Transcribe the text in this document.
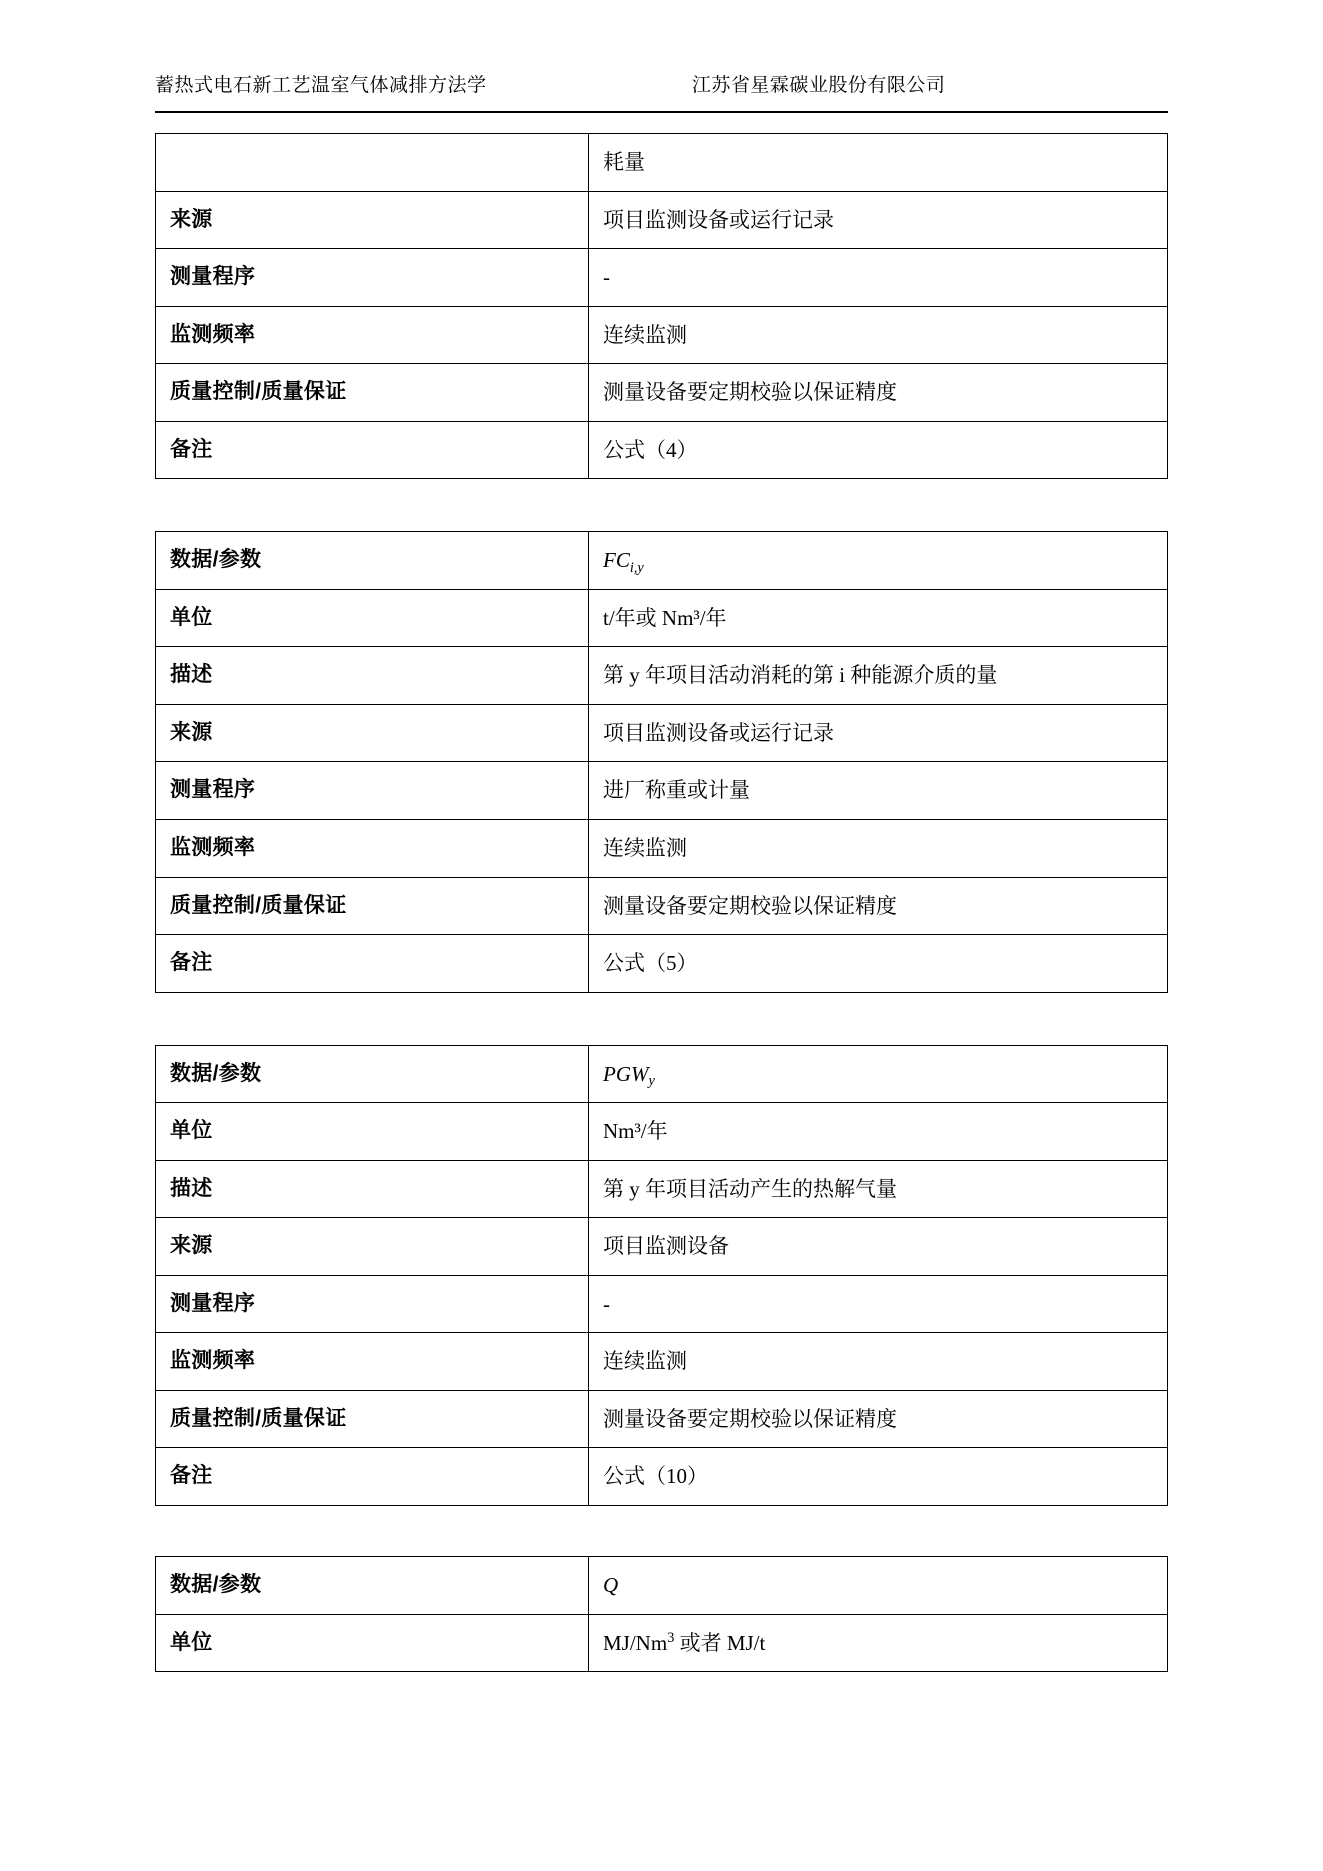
蓄热式电石新工艺温室气体减排方法学	江苏省星霖碳业股份有限公司
	耗量
来源	项目监测设备或运行记录
测量程序	-
监测频率	连续监测
质量控制/质量保证	测量设备要定期校验以保证精度
备注	公式（4）
数据/参数	$FC_{i,y}$
单位	t/年或 Nm³/年
描述	第 y 年项目活动消耗的第 i 种能源介质的量
来源	项目监测设备或运行记录
测量程序	进厂称重或计量
监测频率	连续监测
质量控制/质量保证	测量设备要定期校验以保证精度
备注	公式（5）
数据/参数	$PGW_y$
单位	Nm³/年
描述	第 y 年项目活动产生的热解气量
来源	项目监测设备
测量程序	-
监测频率	连续监测
质量控制/质量保证	测量设备要定期校验以保证精度
备注	公式（10）
数据/参数	Q
单位	MJ/Nm$^3$ 或者 MJ/t
